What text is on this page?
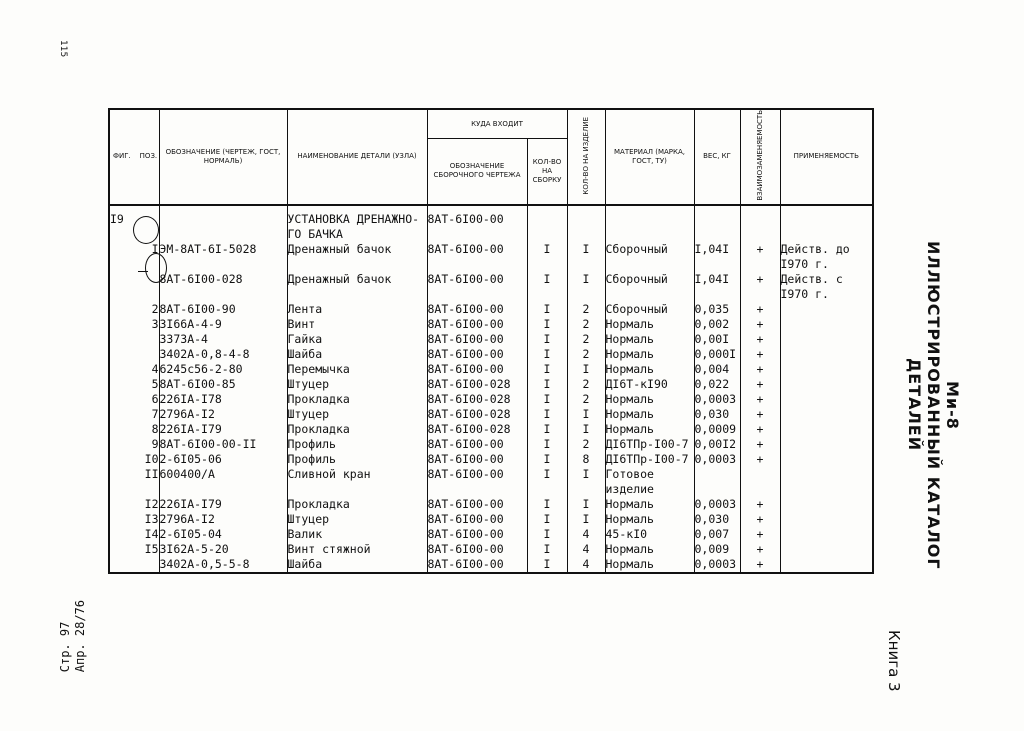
115
Ми-8
ИЛЛЮСТРИРОВАННЫЙ КАТАЛОГ ДЕТАЛЕЙ
Книга 3
Стр. 97
Апр. 28/76
ФИГ. ПОЗ.		ОБОЗНАЧЕНИЕ (ЧЕРТЕЖ, ГОСТ, НОРМАЛЬ)	НАИМЕНОВАНИЕ ДЕТАЛИ (УЗЛА)	КУДА ВХОДИТ		КОЛ-ВО НА ИЗДЕЛИЕ	МАТЕРИАЛ (МАРКА, ГОСТ, ТУ)	ВЕС, КГ	ВЗАИМОЗАМЕНЯЕМОСТЬ	ПРИМЕНЯЕМОСТЬ
				ОБОЗНАЧЕНИЕ СБОРОЧНОГО ЧЕРТЕЖА	КОЛ-ВО НА СБОРКУ					
I9			УСТАНОВКА ДРЕНАЖНО-ГО БАЧКА	8АТ-6I00-00						
	I	ЭМ-8АТ-6I-5028	Дренажный бачок	8АТ-6I00-00	I	I	Сборочный	I,04I	+	Действ. до I970 г.
		8АТ-6I00-028	Дренажный бачок	8АТ-6I00-00	I	I	Сборочный	I,04I	+	Действ. с I970 г.
	2	8АТ-6I00-90	Лента	8АТ-6I00-00	I	2	Сборочный	0,035	+	
	3	3I66А-4-9	Винт	8АТ-6I00-00	I	2	Нормаль	0,002	+	
		3373А-4	Гайка	8АТ-6I00-00	I	2	Нормаль	0,00I	+	
		3402А-0,8-4-8	Шайба	8АТ-6I00-00	I	2	Нормаль	0,000I	+	
	4	6245с56-2-80	Перемычка	8АТ-6I00-00	I	I	Нормаль	0,004	+	
	5	8АТ-6I00-85	Штуцер	8АТ-6I00-028	I	2	ДI6Т-кI90	0,022	+	
	6	226IА-I78	Прокладка	8АТ-6I00-028	I	2	Нормаль	0,0003	+	
	7	2796А-I2	Штуцер	8АТ-6I00-028	I	I	Нормаль	0,030	+	
	8	226IА-I79	Прокладка	8АТ-6I00-028	I	I	Нормаль	0,0009	+	
	9	8АТ-6I00-00-II	Профиль	8АТ-6I00-00	I	2	ДI6ТПр-I00-7	0,00I2	+	
	I0	2-6I05-06	Профиль	8АТ-6I00-00	I	8	ДI6ТПр-I00-7	0,0003	+	
	II	600400/А	Сливной кран	8АТ-6I00-00	I	I	Готовое изделие			
	I2	226IА-I79	Прокладка	8АТ-6I00-00	I	I	Нормаль	0,0003	+	
	I3	2796А-I2	Штуцер	8АТ-6I00-00	I	I	Нормаль	0,030	+	
	I4	2-6I05-04	Валик	8АТ-6I00-00	I	4	45-кI0	0,007	+	
	I5	3I62А-5-20	Винт стяжной	8АТ-6I00-00	I	4	Нормаль	0,009	+	
		3402А-0,5-5-8	Шайба	8АТ-6I00-00	I	4	Нормаль	0,0003	+	
